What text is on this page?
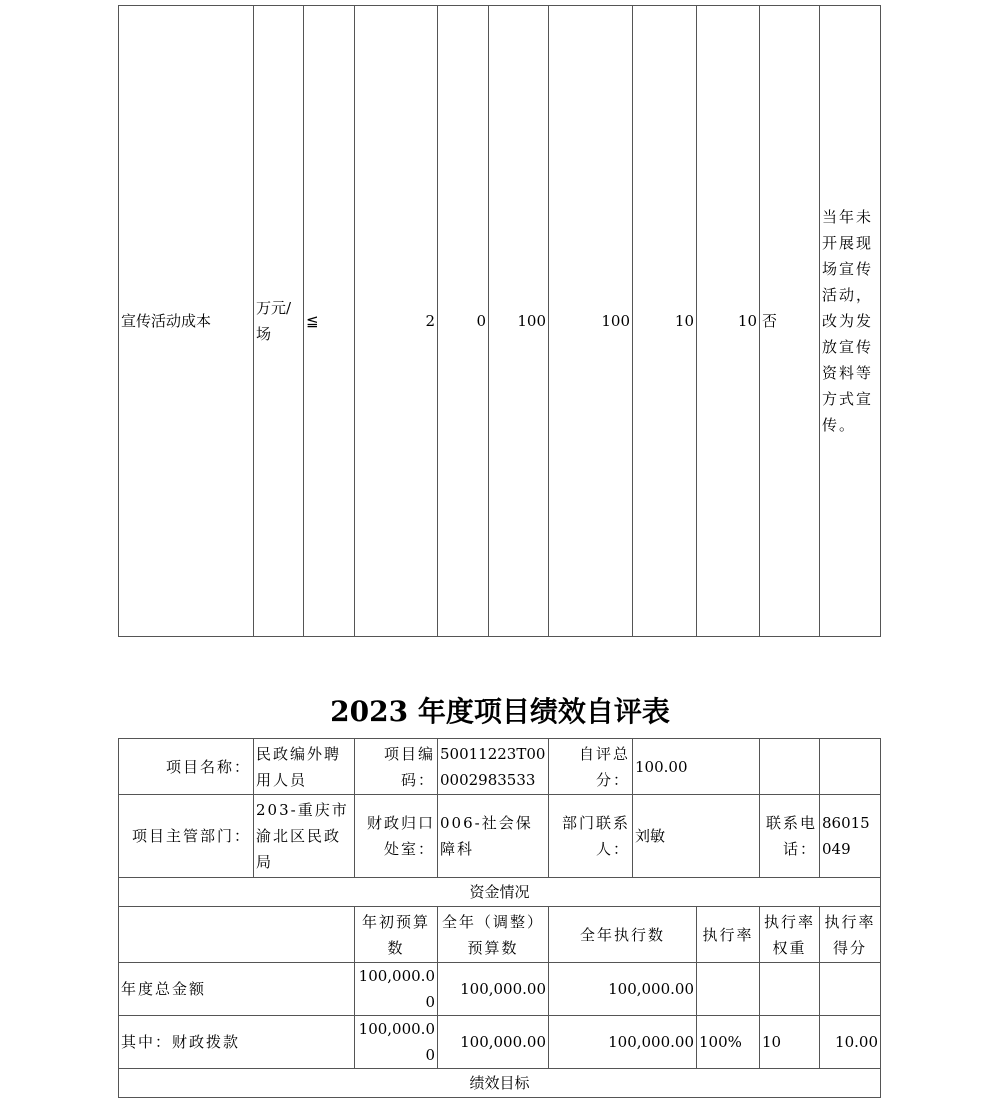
宣传活动成本	万元/场	≦	2	0	100	100	10	10	否	当年未开展现场宣传活动，改为发放宣传资料等方式宣传。
2023 年度项目绩效自评表
项目名称：	民政编外聘用人员	项目编码：	50011223T000002983533	自评总分：	100.00			
项目主管部门：	203-重庆市渝北区民政局	财政归口处室：	006-社会保障科	部门联系人：	刘敏		联系电话：	86015049
资金情况								
		年初预算数	全年（调整）预算数	全年执行数		执行率	执行率权重	执行率得分
年度总金额		100,000.00	100,000.00	100,000.00				
其中：财政拨款		100,000.00	100,000.00	100,000.00		100%	10	10.00
绩效目标								
